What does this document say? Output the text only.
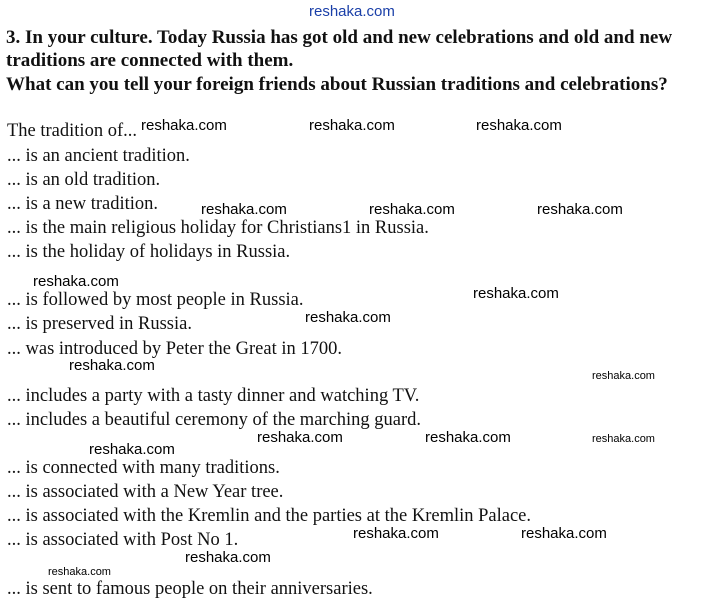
reshaka.com

3. In your culture. Today Russia has got old and new celebrations and old and new traditions are connected with them.

What can you tell your foreign friends about Russian traditions and celebrations?

The tradition of...
... is an ancient tradition.
... is an old tradition.
... is a new tradition.
... is the main religious holiday for Christians1 in Russia.
... is the holiday of holidays in Russia.
... is followed by most people in Russia.
... is preserved in Russia.
... was introduced by Peter the Great in 1700.
... includes a party with a tasty dinner and watching TV.
... includes a beautiful ceremony of the marching guard.
... is connected with many traditions.
... is associated with a New Year tree.
... is associated with the Kremlin and the parties at the Kremlin Palace.
... is associated with Post No 1.
... is sent to famous people on their anniversaries.
reshaka.com	reshaka.com	reshaka.com
reshaka.com	reshaka.com	reshaka.com
reshaka.com
reshaka.com
reshaka.com
reshaka.com
reshaka.com
reshaka.com	reshaka.com	reshaka.com
reshaka.com
reshaka.com	reshaka.com
reshaka.com
reshaka.com
